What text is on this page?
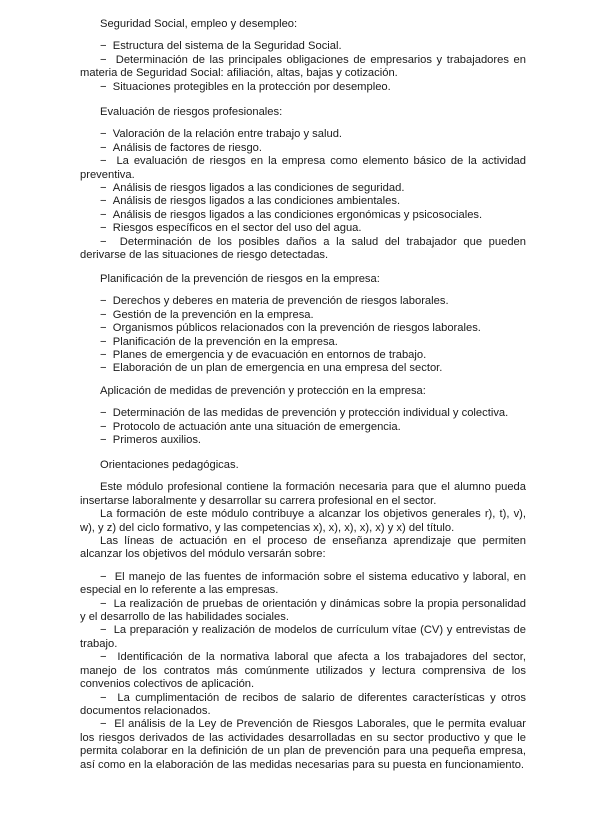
Seguridad Social, empleo y desempleo:

−  Estructura del sistema de la Seguridad Social.
−  Determinación de las principales obligaciones de empresarios y trabajadores en materia de Seguridad Social: afiliación, altas, bajas y cotización.
−  Situaciones protegibles en la protección por desempleo.

Evaluación de riesgos profesionales:

−  Valoración de la relación entre trabajo y salud.
−  Análisis de factores de riesgo.
−  La evaluación de riesgos en la empresa como elemento básico de la actividad preventiva.
−  Análisis de riesgos ligados a las condiciones de seguridad.
−  Análisis de riesgos ligados a las condiciones ambientales.
−  Análisis de riesgos ligados a las condiciones ergonómicas y psicosociales.
−  Riesgos específicos en el sector del uso del agua.
−  Determinación de los posibles daños a la salud del trabajador que pueden derivarse de las situaciones de riesgo detectadas.

Planificación de la prevención de riesgos en la empresa:

−  Derechos y deberes en materia de prevención de riesgos laborales.
−  Gestión de la prevención en la empresa.
−  Organismos públicos relacionados con la prevención de riesgos laborales.
−  Planificación de la prevención en la empresa.
−  Planes de emergencia y de evacuación en entornos de trabajo.
−  Elaboración de un plan de emergencia en una empresa del sector.

Aplicación de medidas de prevención y protección en la empresa:

−  Determinación de las medidas de prevención y protección individual y colectiva.
−  Protocolo de actuación ante una situación de emergencia.
−  Primeros auxilios.

Orientaciones pedagógicas.

Este módulo profesional contiene la formación necesaria para que el alumno pueda insertarse laboralmente y desarrollar su carrera profesional en el sector.

La formación de este módulo contribuye a alcanzar los objetivos generales r), t), v), w), y z) del ciclo formativo, y las competencias x), x), x), x), x) y x) del título.

Las líneas de actuación en el proceso de enseñanza aprendizaje que permiten alcanzar los objetivos del módulo versarán sobre:

−  El manejo de las fuentes de información sobre el sistema educativo y laboral, en especial en lo referente a las empresas.
−  La realización de pruebas de orientación y dinámicas sobre la propia personalidad y el desarrollo de las habilidades sociales.
−  La preparación y realización de modelos de currículum vítae (CV) y entrevistas de trabajo.
−  Identificación de la normativa laboral que afecta a los trabajadores del sector, manejo de los contratos más comúnmente utilizados y lectura comprensiva de los convenios colectivos de aplicación.
−  La cumplimentación de recibos de salario de diferentes características y otros documentos relacionados.
−  El análisis de la Ley de Prevención de Riesgos Laborales, que le permita evaluar los riesgos derivados de las actividades desarrolladas en su sector productivo y que le permita colaborar en la definición de un plan de prevención para una pequeña empresa, así como en la elaboración de las medidas necesarias para su puesta en funcionamiento.
